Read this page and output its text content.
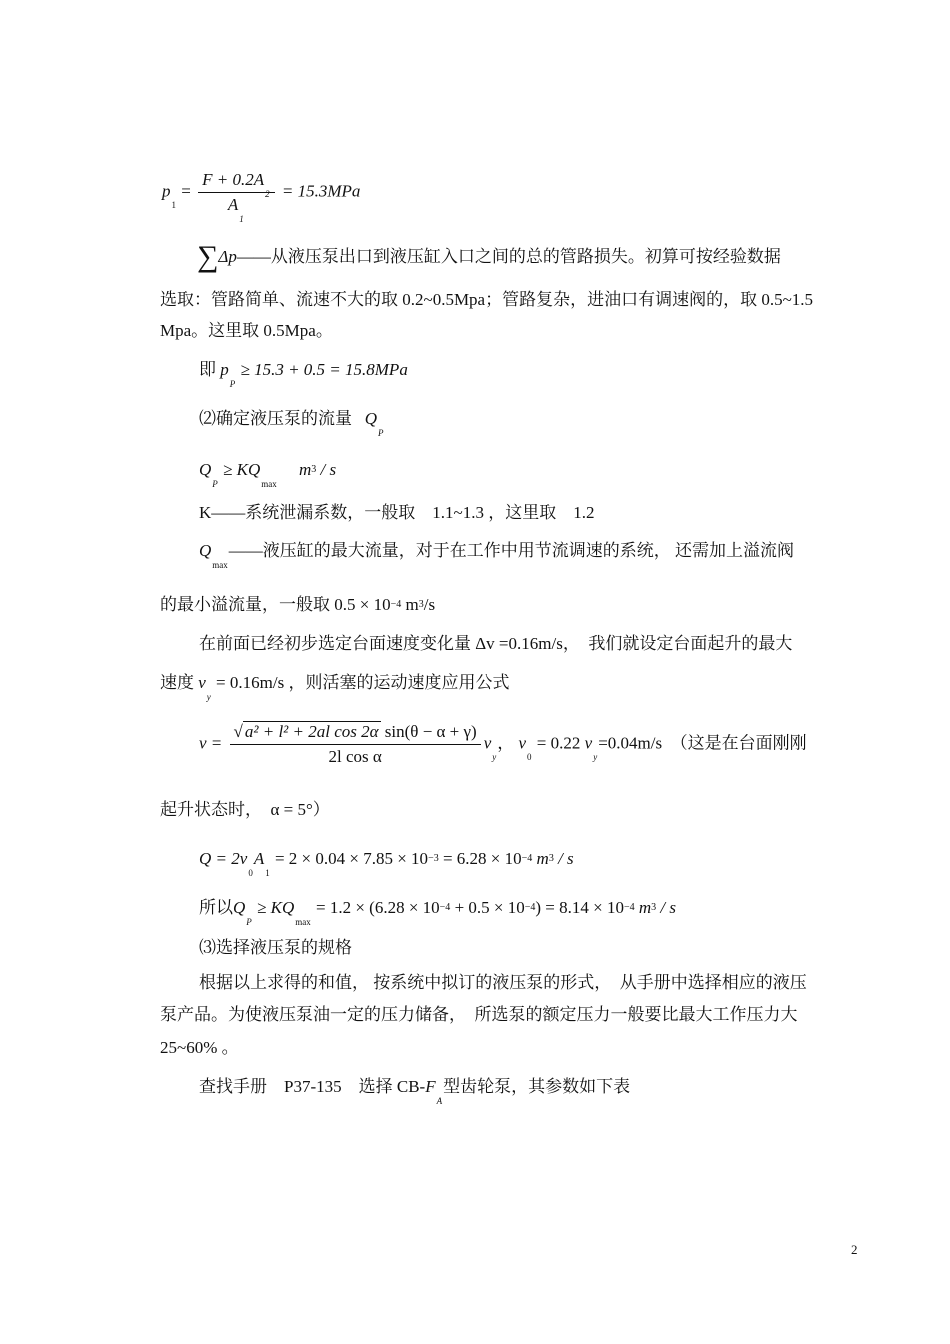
$p_1 = \frac{F + 0.2A_2}{A_1} = 15.3MPa$
∑Δp——从液压泵出口到液压缸入口之间的总的管路损失。初算可按经验数据
选取：管路简单、流速不大的取 0.2~0.5Mpa；管路复杂，进油口有调速阀的，取 0.5~1.5
Mpa。这里取 0.5Mpa。
即 $p_P \ge 15.3 + 0.5 = 15.8MPa$
⑵确定液压泵的流量 $Q_P$
$Q_P \ge KQ_{max}$     m3 / s
K——系统泄漏系数，一般取　1.1~1.3 ，这里取　1.2
$Q_{max}——$液压缸的最大流量，对于在工作中用节流调速的系统， 还需加上溢流阀
的最小溢流量，一般取 0.5 × 10−4 m3/s
在前面已经初步选定台面速度变化量 Δv =0.16m/s，　我们就设定台面起升的最大
速度 $v_y = 0.16m/s$ ，则活塞的运动速度应用公式
$v = \frac{\text{√ a² + l² + 2al cos 2α sin(θ − α + γ)}}{\text{2l cos α}} v_y$， $v_0 = 0.22$ $v_y=0.04m/s$ （这是在台面刚刚
起升状态时， α = 5°）
$Q = 2v_0A_1 = 2 \times 0.04 \times 7.85 \times 10-3 = 6.28 \times 10-4$ m3 / s
所以$Q_P \ge KQ_{max} = 1.2 \times (6.28 \times 10-4 + 0.5 \times 10-4) = 8.14 \times 10-4$ m3 / s
⑶选择液压泵的规格
根据以上求得的和值， 按系统中拟订的液压泵的形式，　从手册中选择相应的液压
泵产品。为使液压泵油一定的压力储备，　所选泵的额定压力一般要比最大工作压力大
25~60% 。
查找手册　P37-135　选择 $CB-F_A$型齿轮泵，其参数如下表
2
